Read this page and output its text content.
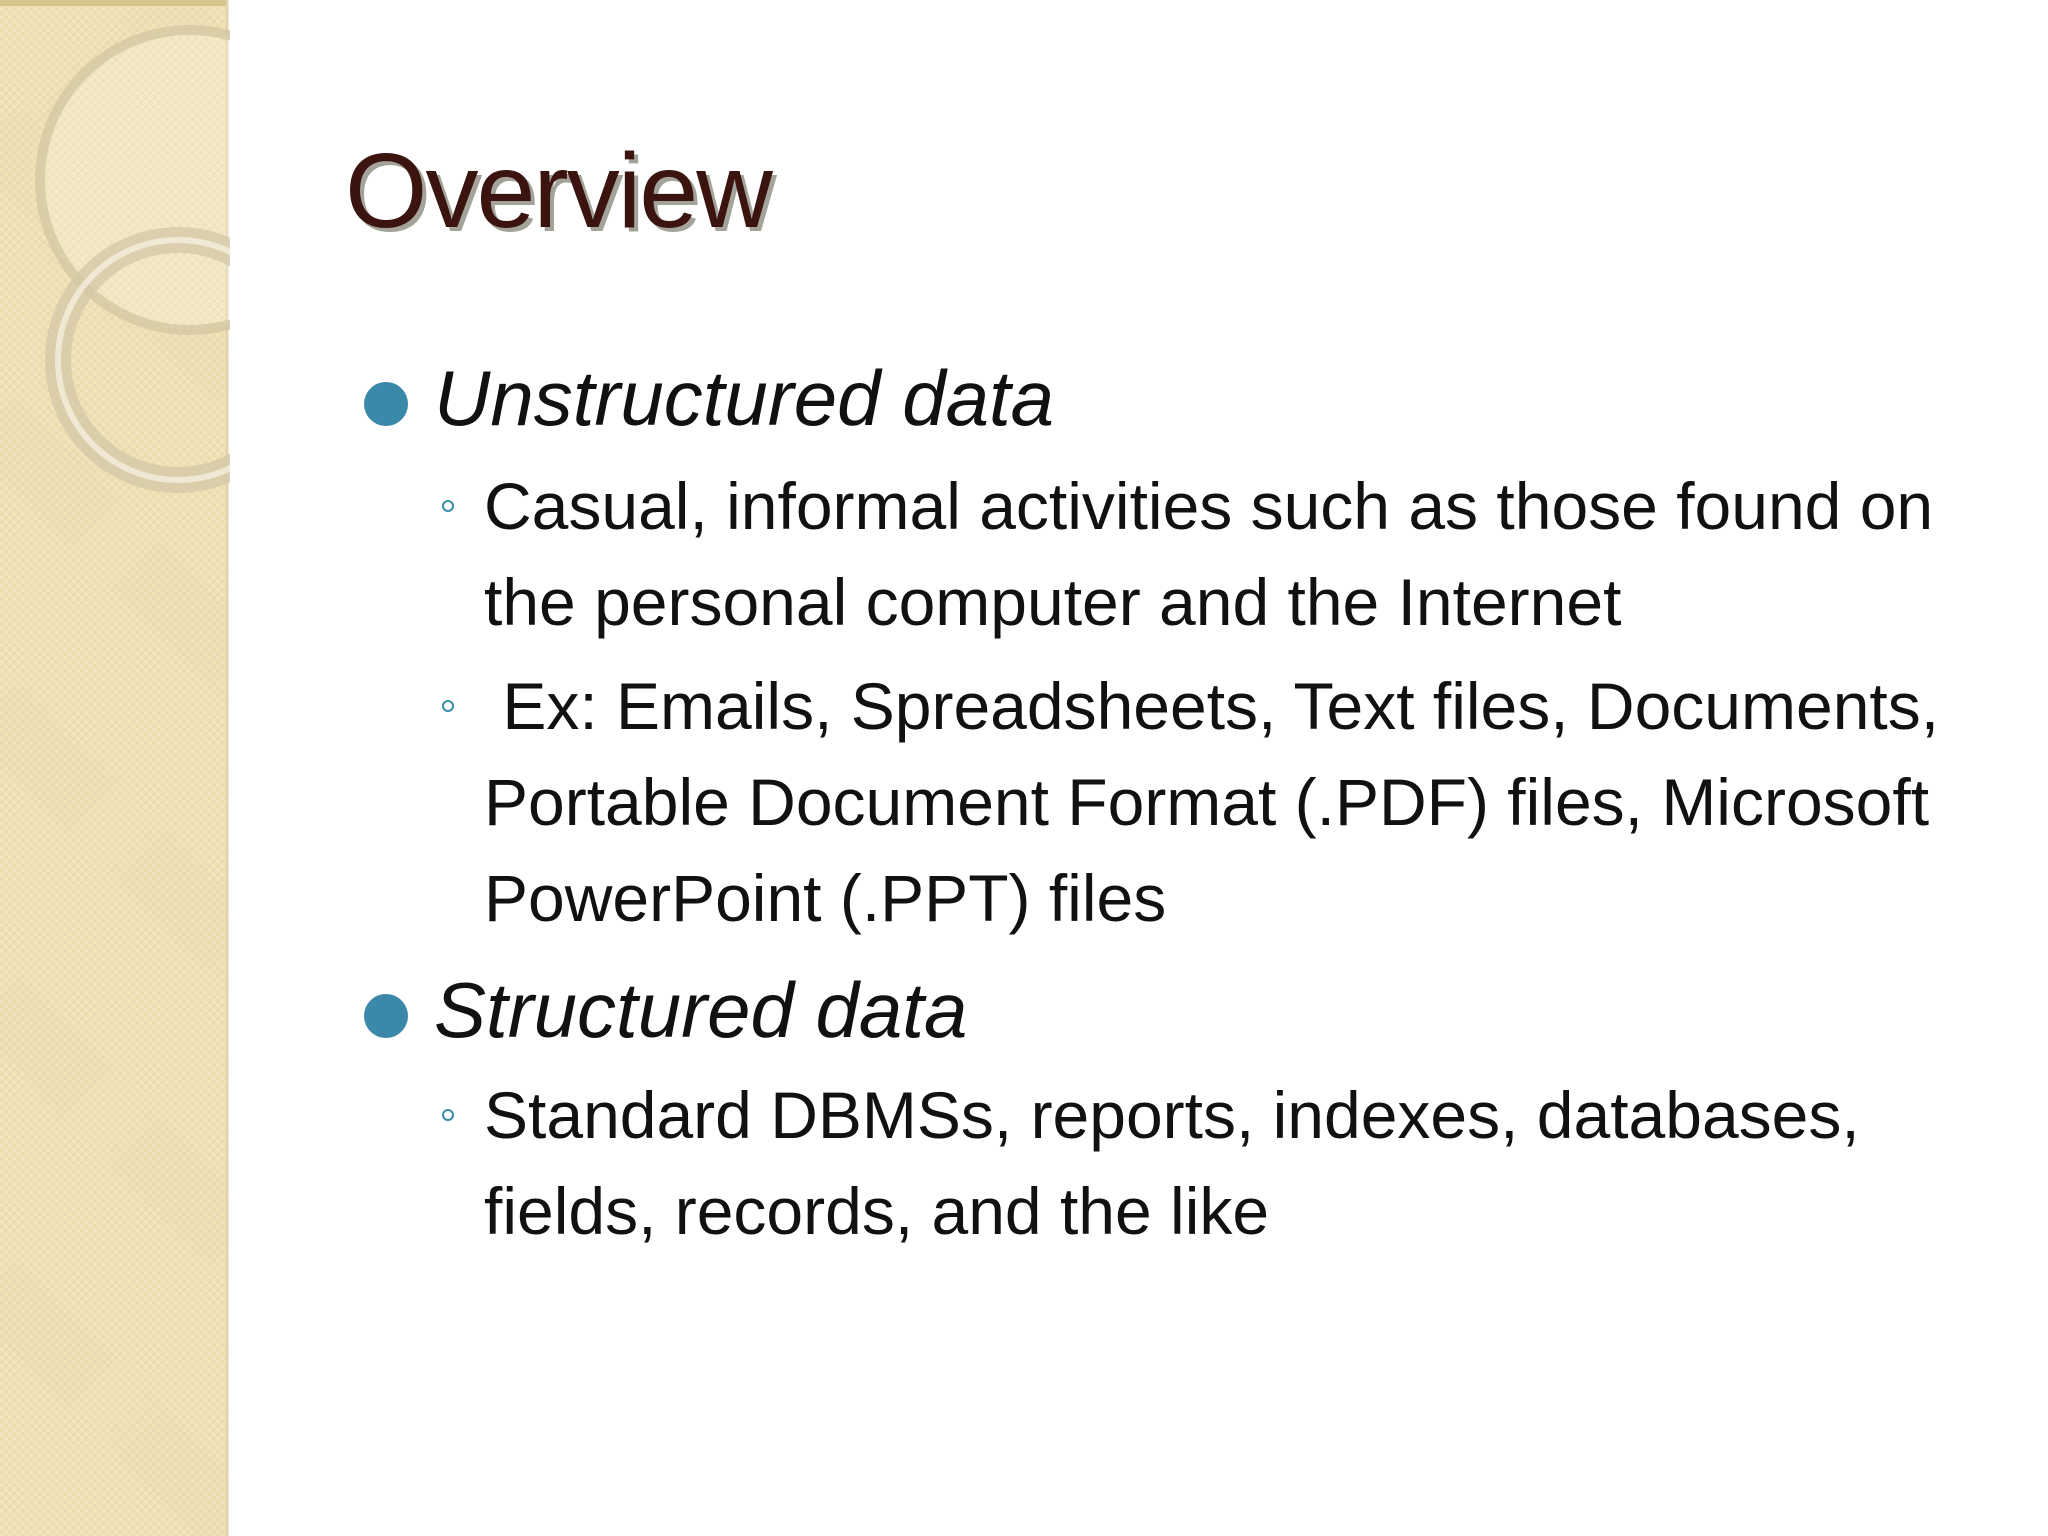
Overview
Unstructured data
Casual, informal activities such as those found on the personal computer and the Internet
Ex: Emails, Spreadsheets, Text files, Documents, Portable Document Format (.PDF) files, Microsoft PowerPoint (.PPT) files
Structured data
Standard DBMSs, reports, indexes, databases, fields, records, and the like
